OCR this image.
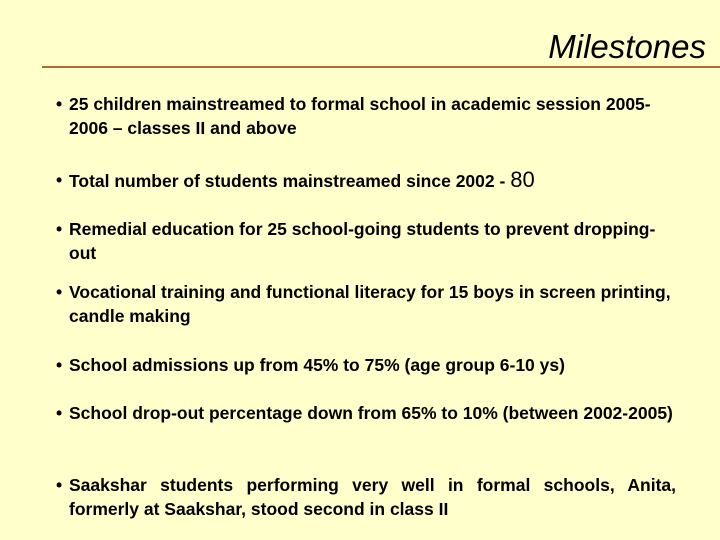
Milestones
• 25 children mainstreamed to formal school in academic session 2005-2006 – classes II and above
• Total number of students mainstreamed since 2002 - 80
• Remedial education for 25 school-going students to prevent dropping-out
• Vocational training and functional literacy for 15 boys in screen printing, candle making
• School admissions up from 45% to 75% (age group 6-10 ys)
• School drop-out percentage down from 65% to 10% (between 2002-2005)
• Saakshar students performing very well in formal schools, Anita, formerly at Saakshar, stood second in class II
